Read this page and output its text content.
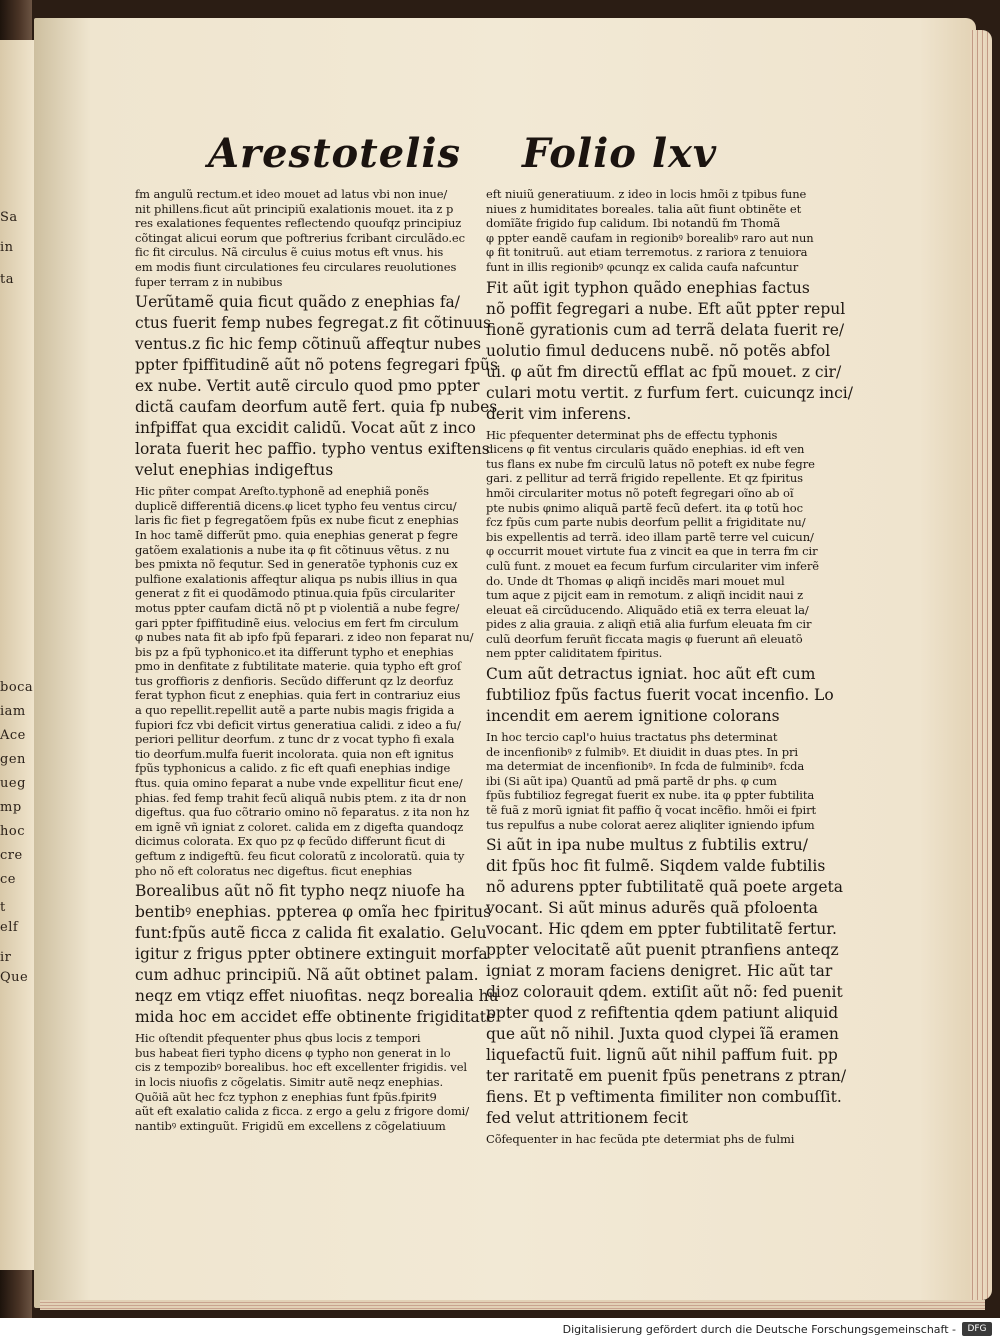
Sa
in
ta
boca
iam
Ace
gen
ueg
mp
hoc
cre
ce
t
elf
ir
Que
Arestotelis Folio lxv
fm angulũ rectum.et ideo mouet ad latus vbi non inue/
nit phillens.ficut aũt principiũ exalationis mouet. ita z p
res exalationes fequentes reflectendo quoufqz principiuz
cõtingat alicui eorum que poftrerius fcribant circulãdo.ec
fic fit circulus. Nã circulus ẽ cuius motus eft vnus. his
em modis fiunt circulationes feu circulares reuolutiones
fuper terram z in nubibus
Uerũtamẽ quia ficut quãdo z enephias fa/
ctus fuerit femp nubes fegregat.z fit cõtinuus
ventus.z fic hic femp cõtinuũ affeqtur nubes
ppter fpiffitudinẽ aũt nõ potens fegregari fpũs
ex nube. Vertit autẽ circulo quod pmo ppter
dictã caufam deorfum autẽ fert. quia fp nubes
infpiffat qua excidit calidũ. Vocat aũt z inco
lorata fuerit hec paffio. typho ventus exiftens
velut enephias indigeftus
Hic pñter compat Areſto.typhonẽ ad enephiã ponẽs
duplicẽ differentiã dicens.φ licet typho feu ventus circu/
laris fic fiet p fegregatõem fpũs ex nube ficut z enephias
In hoc tamẽ differũt pmo. quia enephias generat p fegre
gatõem exalationis a nube ita φ fit cõtinuus vẽtus. z nu
bes pmixta nõ fequtur. Sed in generatõe typhonis cuz ex
pulfione exalationis affeqtur aliqua ps nubis illius in qua
generat z fit ei quodãmodo ptinua.quia fpũs circulariter
motus ppter caufam dictã nõ pt p violentiã a nube fegre/
gari ppter fpiffitudinẽ eius. velocius em fert fm circulum
φ nubes nata fit ab ipfo fpũ feparari. z ideo non feparat nu/
bis pz a fpũ typhonico.et ita differunt typho et enephias
pmo in denfitate z fubtilitate materie. quia typho eft groſ
tus groffioris z denfioris. Secũdo differunt qz lz deorfuz
ferat typhon ficut z enephias. quia fert in contrariuz eius
a quo repellit.repellit autẽ a parte nubis magis frigida a
fupiori fcz vbi deficit virtus generatiua calidi. z ideo a fu/
periori pellitur deorfum. z tunc dr z vocat typho fi exala
tio deorfum.mulfa fuerit incolorata. quia non eft ignitus
fpũs typhonicus a calido. z fic eft quafi enephias indige
ftus. quia omino feparat a nube vnde expellitur ficut ene/
phias. fed femp trahit fecũ aliquã nubis ptem. z ita dr non
digeftus. qua fuo cõtrario omino nõ feparatus. z ita non hz
em ignẽ vñ igniat z coloret. calida em z digefta quandoqz
dicimus colorata. Ex quo pz φ fecũdo differunt ficut di
geftum z indigeftũ. feu ficut coloratũ z incoloratũ. quia ty
pho nõ eft coloratus nec digeftus. ficut enephias
Borealibus aũt nõ fit typho neqz niuofe ha
bentibꝰ enephias. ppterea φ omĩa hec fpiritus
funt:fpũs autẽ ficca z calida fit exalatio. Gelu
igitur z frigus ppter obtinere extinguit morfa
cum adhuc principiũ. Nã aũt obtinet palam.
neqz em vtiqz effet niuofitas. neqz borealia hu
mida hoc em accidet effe obtinente frigiditate
Hic oſtendit pfequenter phus qbus locis z tempori
bus habeat fieri typho dicens φ typho non generat in lo
cis z tempozibꝰ borealibus. hoc eft excellenter frigidis. vel
in locis niuofis z cõgelatis. Simitr autẽ neqz enephias.
Quõiã aũt hec fcz typhon z enephias funt fpũs.fpirit9
aũt eft exalatio calida z ficca. z ergo a gelu z frigore domi/
nantibꝰ extinguũt. Frigidũ em excellens z cõgelatiuum
eft niuiũ generatiuum. z ideo in locis hmõi z tpibus fune
niues z humiditates boreales. talia aũt fiunt obtinẽte et
domĩãte frigido fup calidum. Ibi notandũ fm Thomã
φ ppter eandẽ caufam in regionibꝰ borealibꝰ raro aut nun
φ fit tonitruũ. aut etiam terremotus. z rariora z tenuiora
funt in illis regionibꝰ φcunqz ex calida caufa nafcuntur
Fit aũt igit typhon quãdo enephias factus
nõ poffit fegregari a nube. Eft aũt ppter repul
fionẽ gyrationis cum ad terrã delata fuerit re/
uolutio fimul deducens nubẽ. nõ potẽs abfol
ui. φ aũt fm directũ efflat ac fpũ mouet. z cir/
culari motu vertit. z furfum fert. cuicunqz inci/
derit vim inferens.
Hic pfequenter determinat phs de effectu typhonis
dicens φ fit ventus circularis quãdo enephias. id eft ven
tus flans ex nube fm circulũ latus nõ poteft ex nube fegre
gari. z pellitur ad terrã frigido repellente. Et qz fpiritus
hmõi circulariter motus nõ poteft fegregari oĩno ab oĩ
pte nubis φnimo aliquã partẽ fecũ defert. ita φ totũ hoc
fcz fpũs cum parte nubis deorfum pellit a frigiditate nu/
bis expellentis ad terrã. ideo illam partẽ terre vel cuicun/
φ occurrit mouet virtute fua z vincit ea que in terra fm cir
culũ funt. z mouet ea fecum furfum circulariter vim inferẽ
do. Unde dt Thomas φ aliqñ incidẽs mari mouet mul
tum aque z pijcit eam in remotum. z aliqñ incidit naui z
eleuat eã circũducendo. Aliquãdo etiã ex terra eleuat la/
pides z alia grauia. z aliqñ etiã alia furfum eleuata fm cir
culũ deorfum feruñt ficcata magis φ fuerunt añ eleuatõ
nem ppter caliditatem fpiritus.
Cum aũt detractus igniat. hoc aũt eft cum
fubtilioz fpũs factus fuerit vocat incenfio. Lo
incendit em aerem ignitione colorans
In hoc tercio capl'o huius tractatus phs determinat
de incenfionibꝰ z fulmibꝰ. Et diuidit in duas ptes. In pri
ma determiat de incenfionibꝰ. In fcda de fulminibꝰ. fcda
ibi (Si aũt ipa) Quantũ ad pmã partẽ dr phs. φ cum
fpũs fubtilioz fegregat fuerit ex nube. ita φ ppter fubtilita
tẽ fuã z morũ igniat fit paffio q̃ vocat incẽfio. hmõi ei fpirt
tus repulfus a nube colorat aerez aliqliter igniendo ipfum
Si aũt in ipa nube multus z fubtilis extru/
dit fpũs hoc fit fulmẽ. Siqdem valde fubtilis
nõ adurens ppter fubtilitatẽ quã poete argeta
vocant. Si aũt minus adurẽs quã pfoloenta
vocant. Hic qdem em ppter fubtilitatẽ fertur.
ppter velocitatẽ aũt puenit ptranfiens anteqz
igniat z moram faciens denigret. Hic aũt tar
dioz colorauit qdem. extiſit aũt nõ: fed puenit
ppter quod z refiftentia qdem patiunt aliquid
que aũt nõ nihil. Juxta quod clypei ĩã eramen
liquefactũ fuit. lignũ aũt nihil paffum fuit. pp
ter raritatẽ em puenit fpũs penetrans z ptran/
fiens. Et p veftimenta fimiliter non combuſſit.
fed velut attritionem fecit
Cõfequenter in hac fecũda pte determiat phs de fulmi
Digitalisierung gefördert durch die Deutsche Forschungsgemeinschaft -	DFG
